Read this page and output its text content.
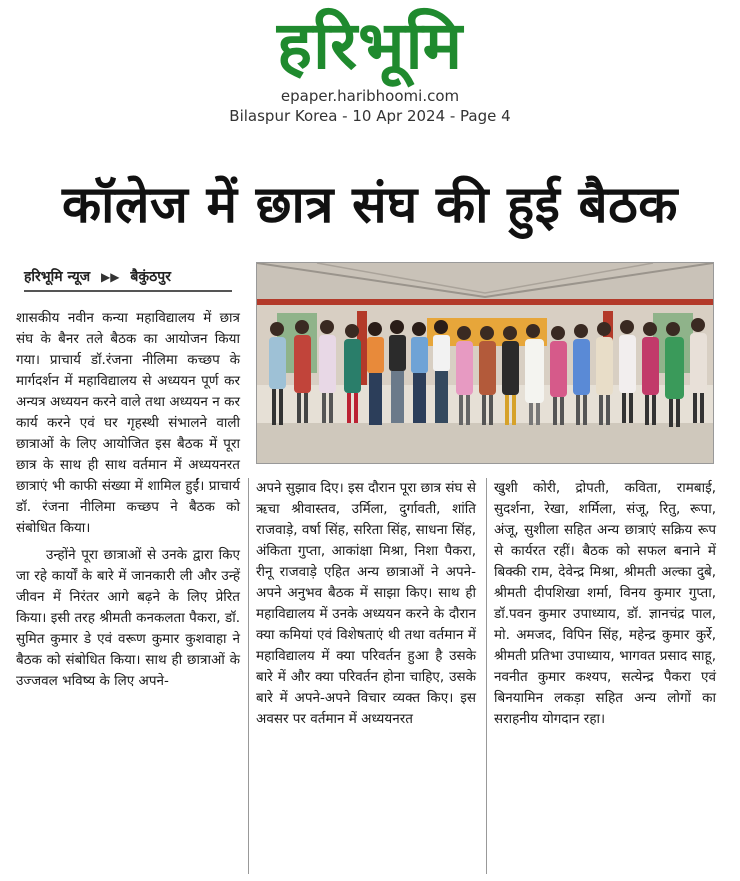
हरिभूमि
epaper.haribhoomi.com
Bilaspur Korea - 10 Apr 2024 - Page 4
कॉलेज में छात्र संघ की हुई बैठक
हरिभूमि न्यूज ▶▶ बैकुंठपुर

शासकीय नवीन कन्या महाविद्यालय में छात्र संघ के बैनर तले बैठक का आयोजन किया गया। प्राचार्य डॉ.रंजना नीलिमा कच्छप के मार्गदर्शन में महाविद्यालय से अध्ययन पूर्ण कर अन्यत्र अध्ययन करने वाले तथा अध्ययन न कर कार्य करने एवं घर गृहस्थी संभालने वाली छात्राओं के लिए आयोजित इस बैठक में पूरा छात्र के साथ ही साथ वर्तमान में अध्ययनरत छात्राएं भी काफी संख्या में शामिल हुईं। प्राचार्य डॉ. रंजना नीलिमा कच्छप ने बैठक को संबोधित किया।

उन्होंने पूरा छात्राओं से उनके द्वारा किए जा रहे कार्यों के बारे में जानकारी ली और उन्हें जीवन में निरंतर आगे बढ़ने के लिए प्रेरित किया। इसी तरह श्रीमती कनकलता पैकरा, डॉ. सुमित कुमार डे एवं वरूण कुमार कुशवाहा ने बैठक को संबोधित किया। साथ ही छात्राओं के उज्जवल भविष्य के लिए अपने-

अपने सुझाव दिए। इस दौरान पूरा छात्र संघ से ऋचा श्रीवास्तव, उर्मिला, दुर्गावती, शांति राजवाड़े, वर्षा सिंह, सरिता सिंह, साधना सिंह, अंकिता गुप्ता, आकांक्षा मिश्रा, निशा पैकरा, रीनू राजवाड़े एहित अन्य छात्राओं ने अपने-अपने अनुभव बैठक में साझा किए। साथ ही महाविद्यालय में उनके अध्ययन करने के दौरान क्या कमियां एवं विशेषताएं थी तथा वर्तमान में महाविद्यालय में क्या परिवर्तन हुआ है उसके बारे में और क्या परिवर्तन होना चाहिए, उसके बारे में अपने-अपने विचार व्यक्त किए। इस अवसर पर वर्तमान में अध्ययनरत

खुशी कोरी, द्रोपती, कविता, रामबाई, सुदर्शना, रेखा, शर्मिला, संजू, रितु, रूपा, अंजू, सुशीला सहित अन्य छात्राएं सक्रिय रूप से कार्यरत रहीं। बैठक को सफल बनाने में बिक्की राम, देवेन्द्र मिश्रा, श्रीमती अल्का दुबे, श्रीमती दीपशिखा शर्मा, विनय कुमार गुप्ता, डॉ.पवन कुमार उपाध्याय, डॉ. ज्ञानचंद्र पाल, मो. अमजद, विपिन सिंह, महेन्द्र कुमार कुर्रे, श्रीमती प्रतिभा उपाध्याय, भागवत प्रसाद साहू, नवनीत कुमार कश्यप, सत्येन्द्र पैकरा एवं बिनयामिन लकड़ा सहित अन्य लोगों का सराहनीय योगदान रहा।
